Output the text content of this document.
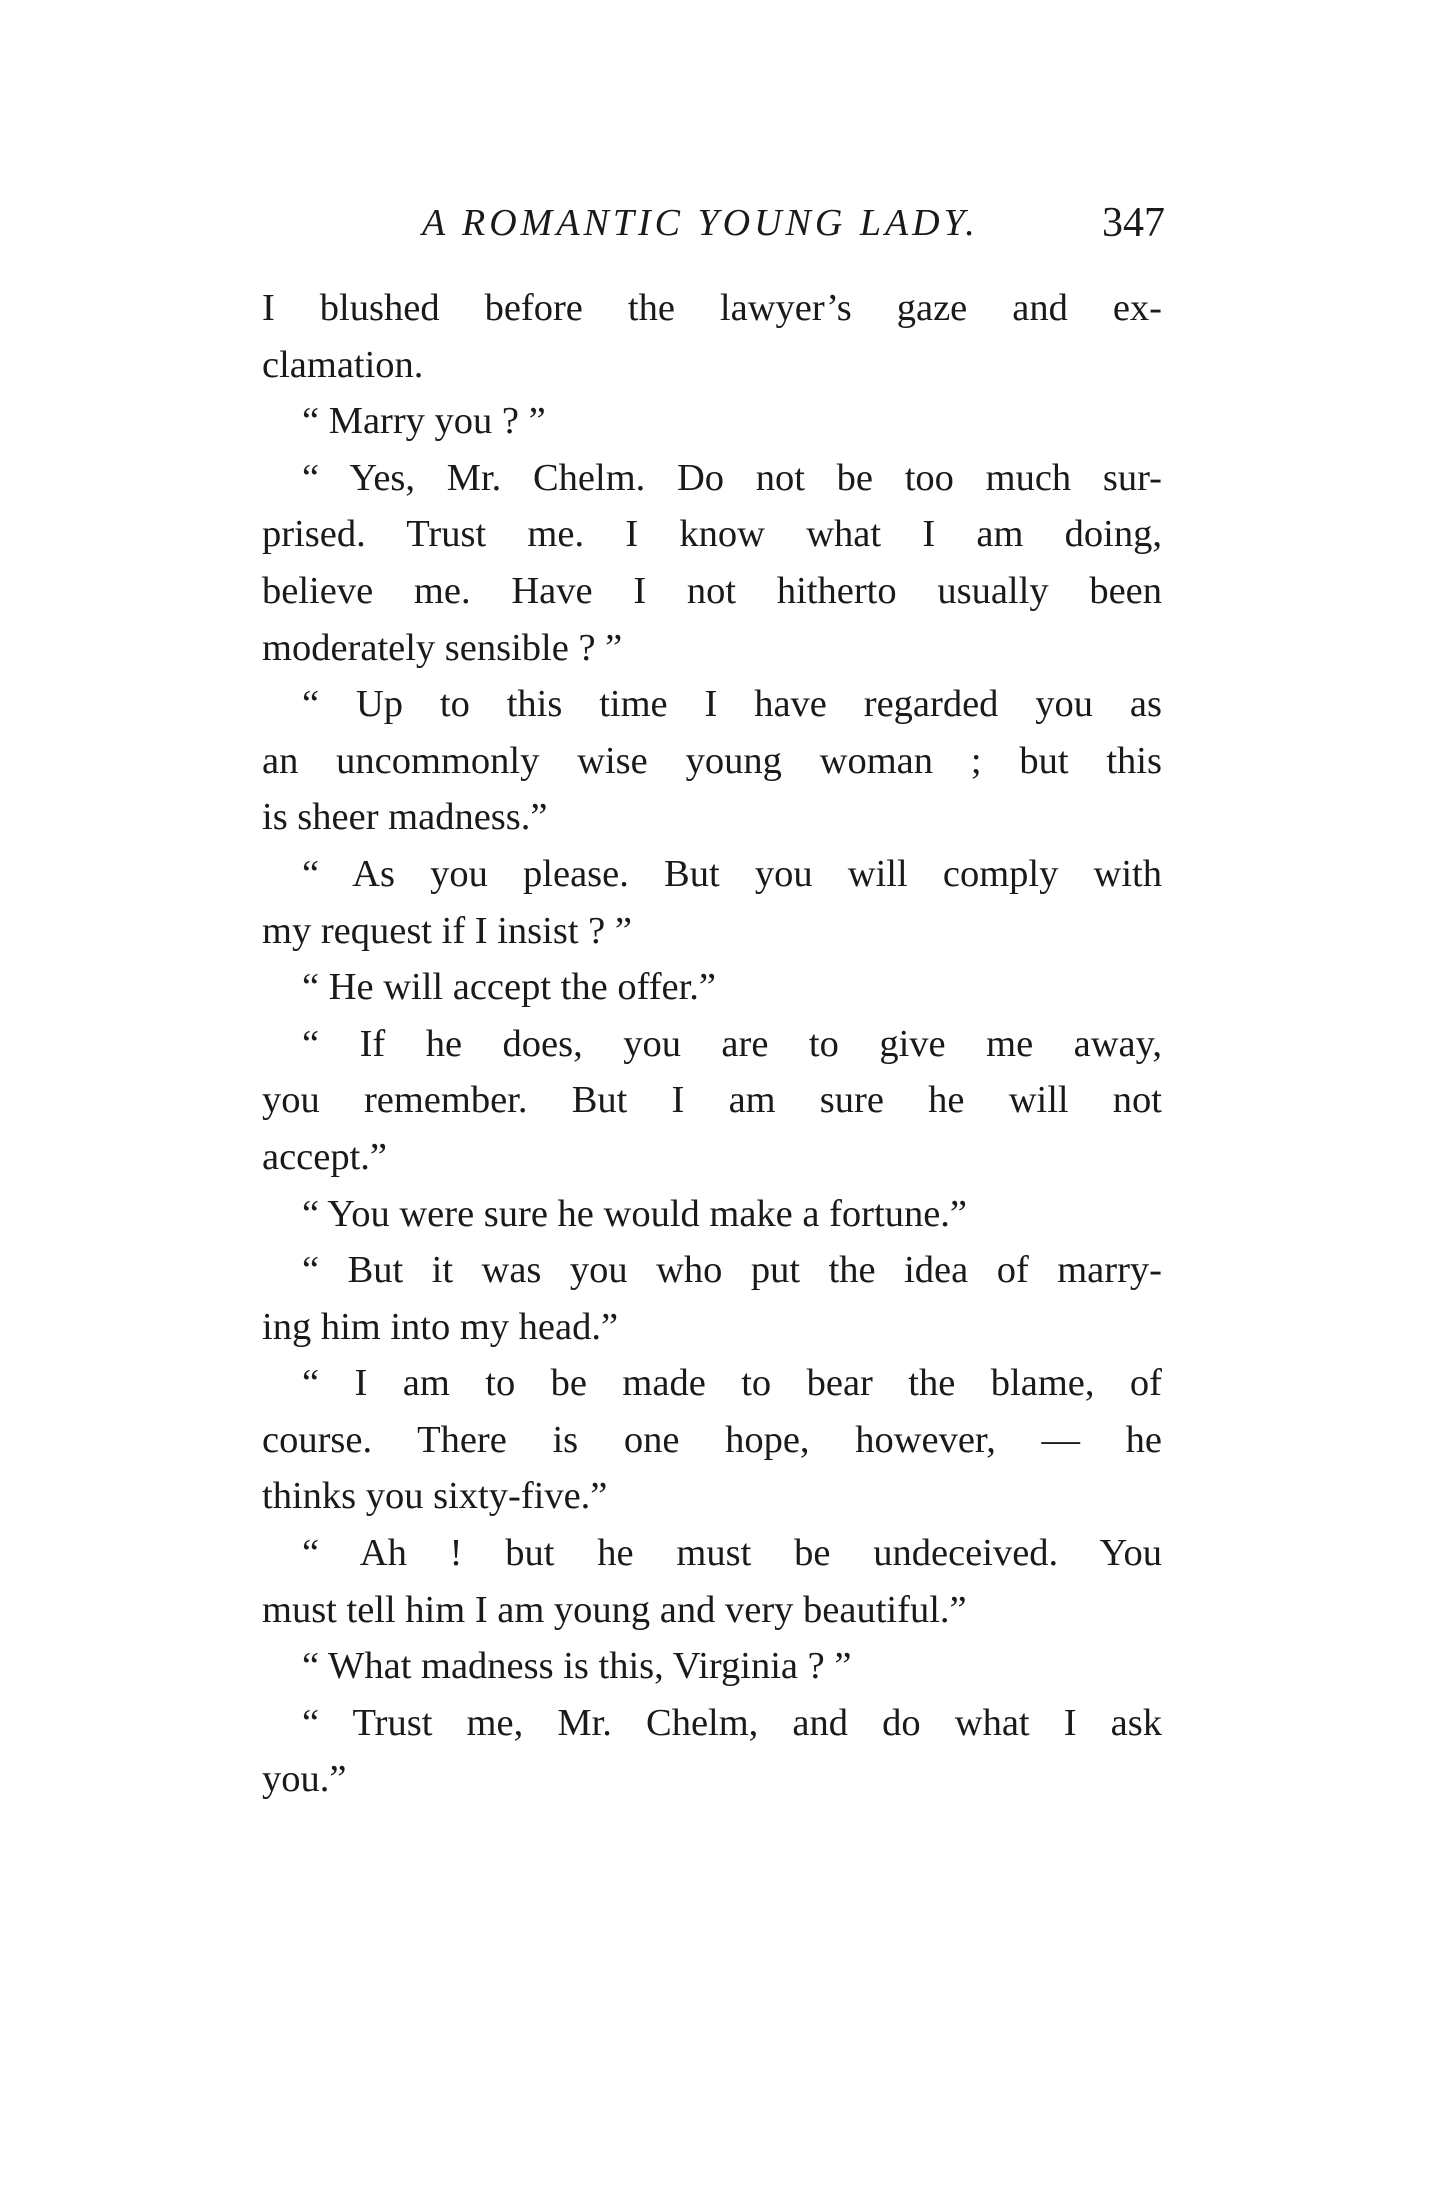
A ROMANTIC YOUNG LADY.	347
I blushed before the lawyer’s gaze and ex-
clamation.
“ Marry you ? ”
“ Yes, Mr. Chelm. Do not be too much sur-
prised. Trust me. I know what I am doing,
believe me. Have I not hitherto usually been
moderately sensible ? ”
“ Up to this time I have regarded you as
an uncommonly wise young woman ; but this
is sheer madness.”
“ As you please. But you will comply with
my request if I insist ? ”
“ He will accept the offer.”
“ If he does, you are to give me away,
you remember. But I am sure he will not
accept.”
“ You were sure he would make a fortune.”
“ But it was you who put the idea of marry-
ing him into my head.”
“ I am to be made to bear the blame, of
course. There is one hope, however, — he
thinks you sixty-five.”
“ Ah ! but he must be undeceived. You
must tell him I am young and very beautiful.”
“ What madness is this, Virginia ? ”
“ Trust me, Mr. Chelm, and do what I ask
you.”
